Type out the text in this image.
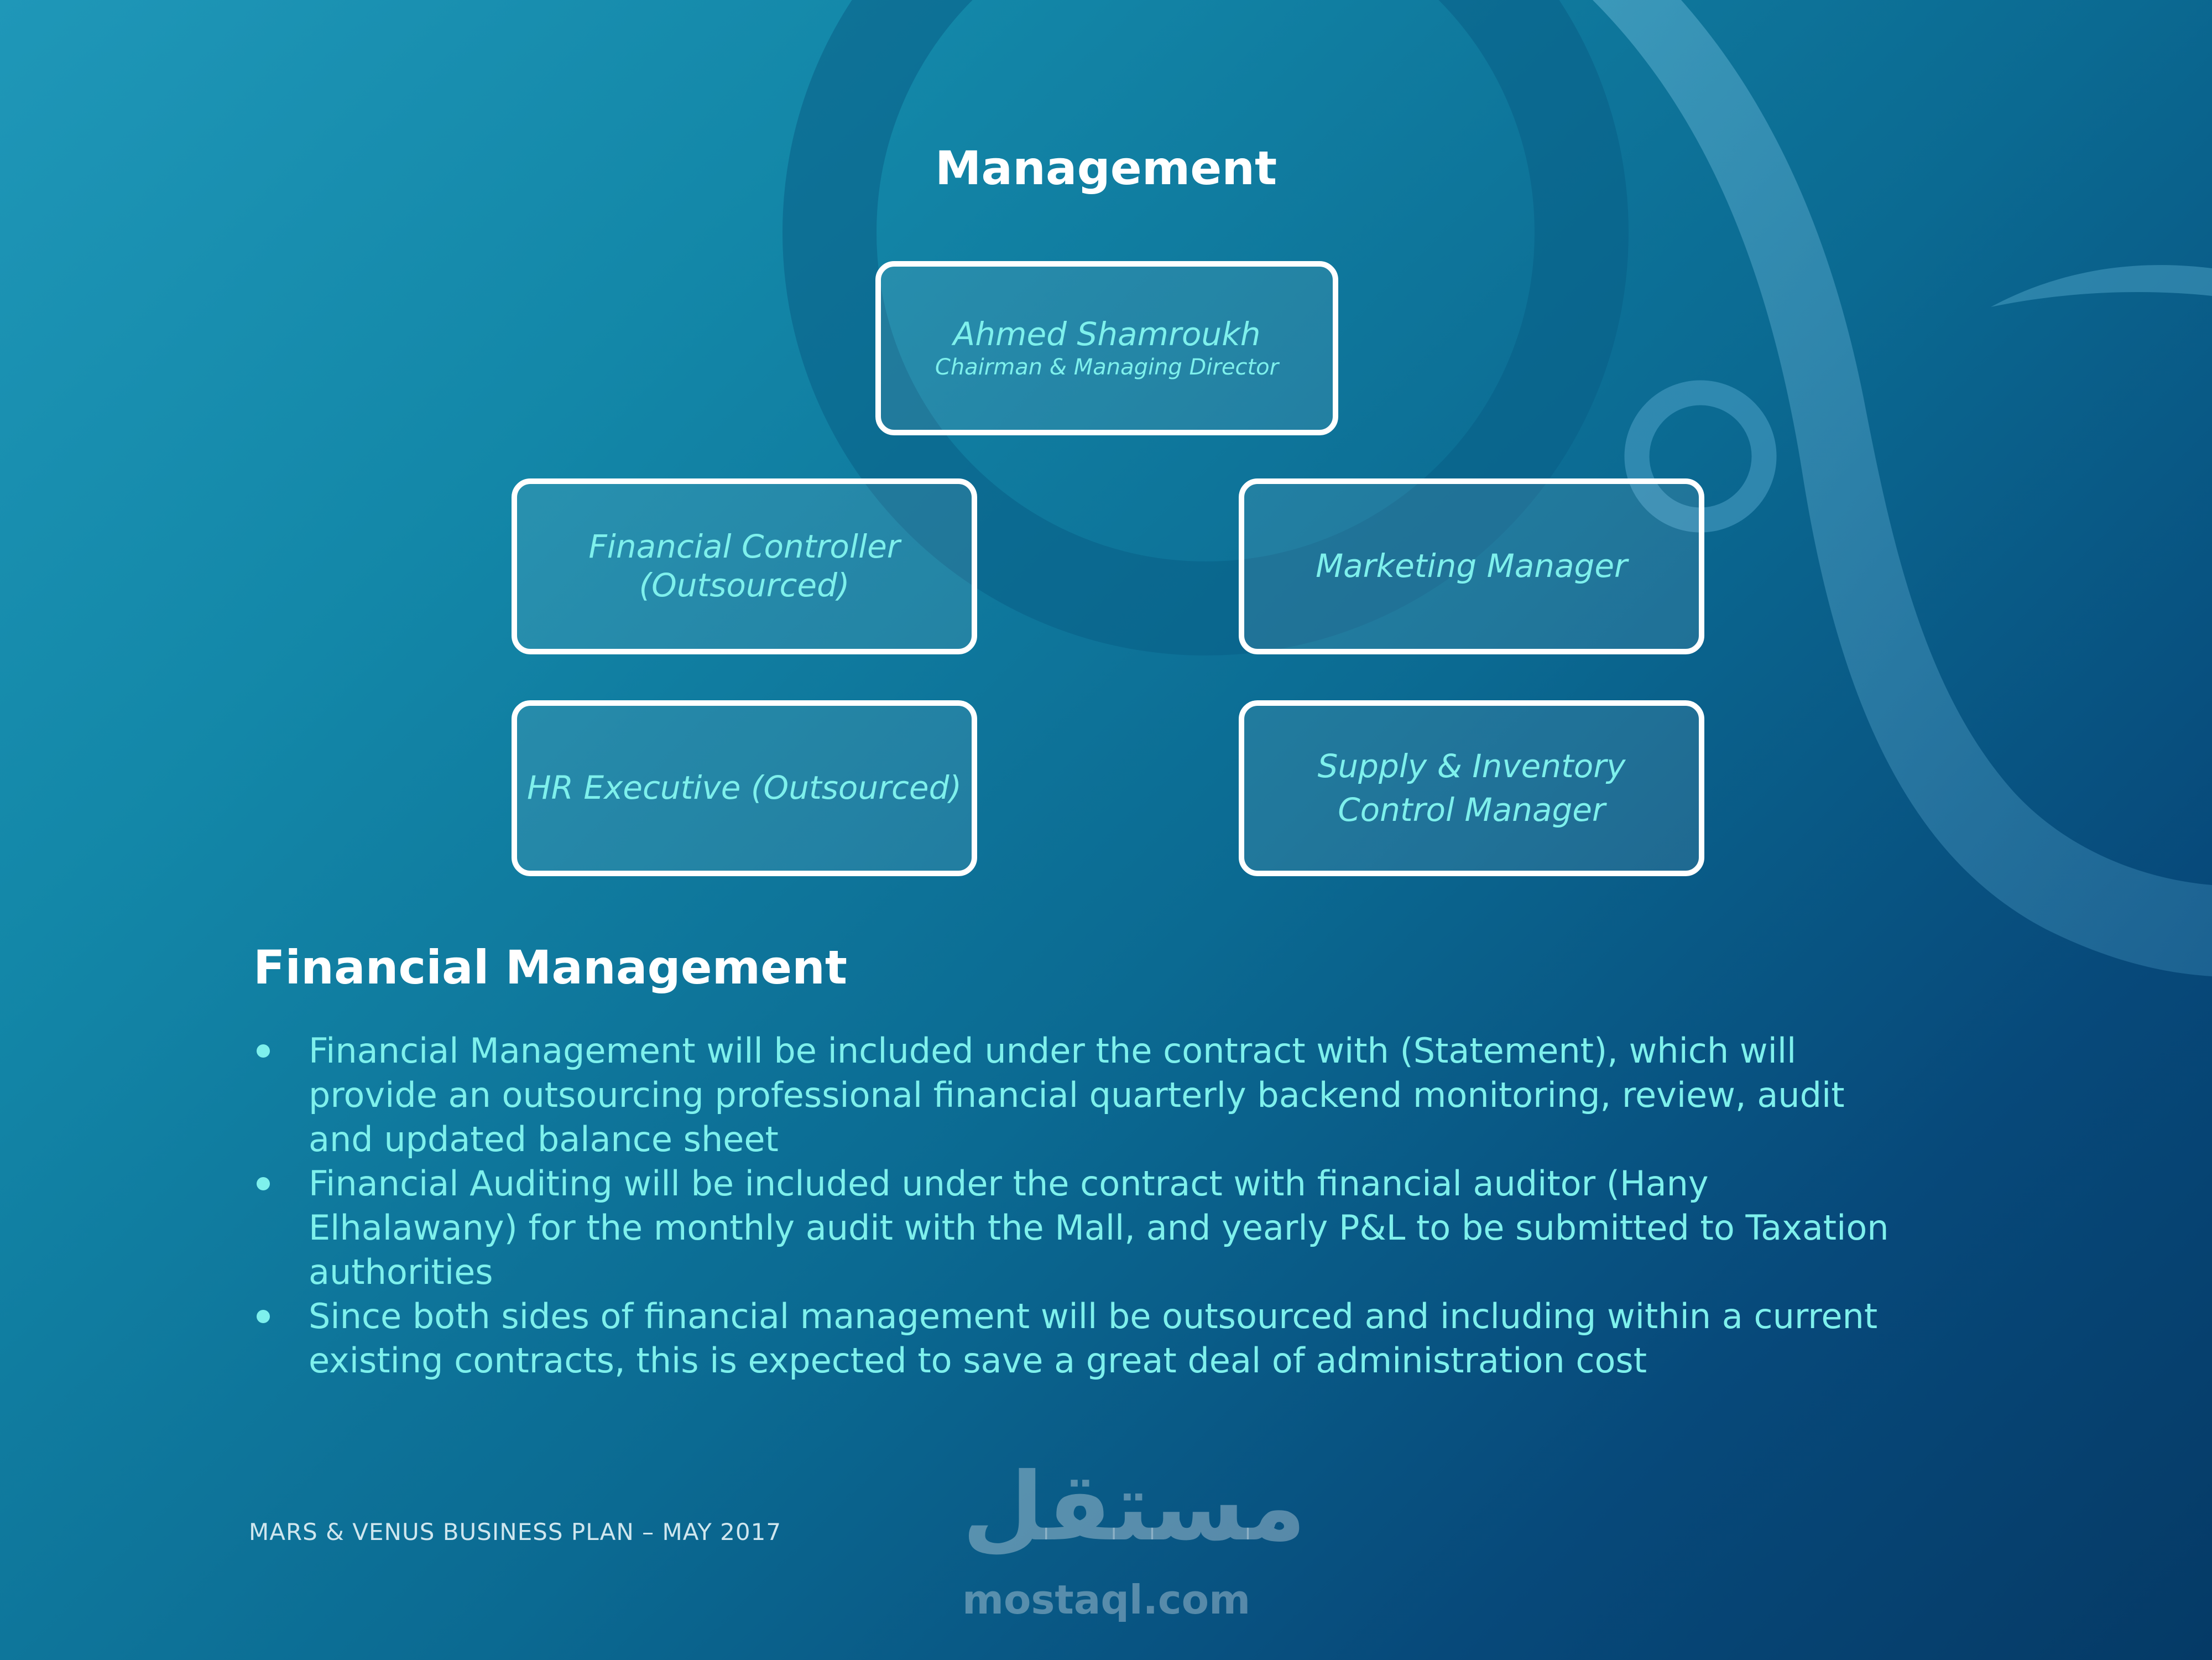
Management
Ahmed Shamroukh
Chairman & Managing Director
Financial Controller (Outsourced)
HR Executive (Outsourced)
Marketing Manager
Supply & Inventory
Control Manager
Financial Management
Financial Management will be included under the contract with (Statement), which will provide an outsourcing professional financial quarterly backend monitoring, review, audit and updated balance sheet
Financial Auditing will be included under the contract with financial auditor (Hany Elhalawany) for the monthly audit with the Mall, and yearly P&L to be submitted to Taxation authorities
Since both sides of financial management will be outsourced and including within a current existing contracts, this is expected to save a great deal of administration cost
MARS & VENUS BUSINESS PLAN – MAY 2017 مستقل
mostaql.com
